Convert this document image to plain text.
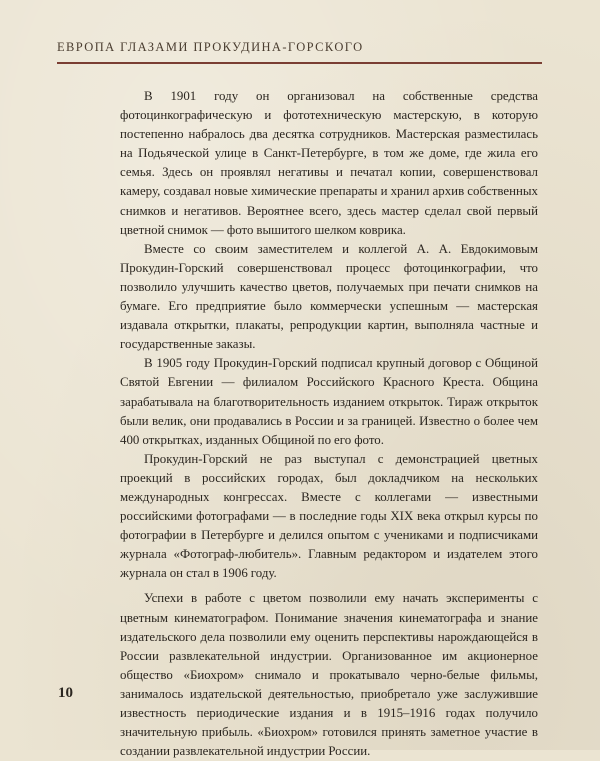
ЕВРОПА ГЛАЗАМИ ПРОКУДИНА-ГОРСКОГО

В 1901 году он организовал на собственные средства фотоцинкографическую и фототехническую мастерскую, в которую постепенно набралось два десятка сотрудников. Мастерская разместилась на Подьяческой улице в Санкт-Петербурге, в том же доме, где жила его семья. Здесь он проявлял негативы и печатал копии, совершенствовал камеру, создавал новые химические препараты и хранил архив собственных снимков и негативов. Вероятнее всего, здесь мастер сделал свой первый цветной снимок — фото вышитого шелком коврика.

Вместе со своим заместителем и коллегой А. А. Евдокимовым Прокудин-Горский совершенствовал процесс фотоцинкографии, что позволило улучшить качество цветов, получаемых при печати снимков на бумаге. Его предприятие было коммерчески успешным — мастерская издавала открытки, плакаты, репродукции картин, выполняла частные и государственные заказы.

В 1905 году Прокудин-Горский подписал крупный договор с Общиной Святой Евгении — филиалом Российского Красного Креста. Община зарабатывала на благотворительность изданием открыток. Тираж открыток были велик, они продавались в России и за границей. Известно о более чем 400 открытках, изданных Общиной по его фото.

Прокудин-Горский не раз выступал с демонстрацией цветных проекций в российских городах, был докладчиком на нескольких международных конгрессах. Вместе с коллегами — известными российскими фотографами — в последние годы XIX века открыл курсы по фотографии в Петербурге и делился опытом с учениками и подписчиками журнала «Фотограф-любитель». Главным редактором и издателем этого журнала он стал в 1906 году.

Успехи в работе с цветом позволили ему начать эксперименты с цветным кинематографом. Понимание значения кинематографа и знание издательского дела позволили ему оценить перспективы нарождающейся в России развлекательной индустрии. Организованное им акционерное общество «Биохром» снимало и прокатывало черно-белые фильмы, занималось издательской деятельностью, приобретало уже заслужившие известность периодические издания и в 1915–1916 годах получило значительную прибыль. «Биохром» готовился принять заметное участие в создании развлекательной индустрии России.

10
